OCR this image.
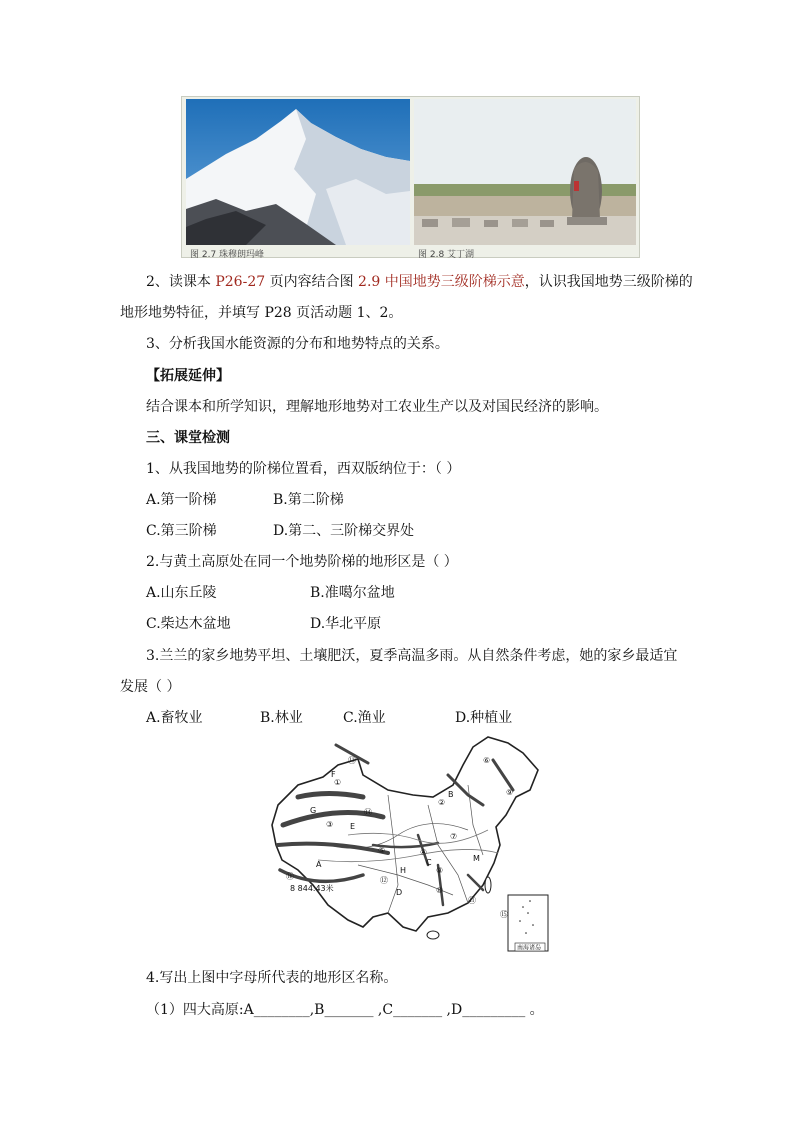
图 2.7 珠穆朗玛峰	图 2.8 艾丁湖
2、读课本 P26-27 页内容结合图 2.9 中国地势三级阶梯示意，认识我国地势三级阶梯的
地形地势特征，并填写 P28 页活动题 1、2。
3、分析我国水能资源的分布和地势特点的关系。
【拓展延伸】
结合课本和所学知识，理解地形地势对工农业生产以及对国民经济的影响。
三、课堂检测
1、从我国地势的阶梯位置看，西双版纳位于：（ ）
A.第一阶梯	B.第二阶梯
C.第三阶梯	D.第二、三阶梯交界处
2.与黄土高原处在同一个地势阶梯的地形区是（ ）
A.山东丘陵	B.准噶尔盆地
C.柴达木盆地	D.华北平原
3.兰兰的家乡地势平坦、土壤肥沃，夏季高温多雨。从自然条件考虑，她的家乡最适宜
发展（ ）
A.畜牧业	B.林业	C.渔业	D.种植业
A
B
C
D
E
F
G
H
M
①
②
③
④
⑤
⑥
⑦
⑧
⑨
⑩
⑪
⑫
⑬
⑭
⑮
⑯
8 844.43米
南海诸岛
4.写出上图中字母所代表的地形区名称。
（1）四大高原:A________,B_______ ,C_______ ,D_________ 。
